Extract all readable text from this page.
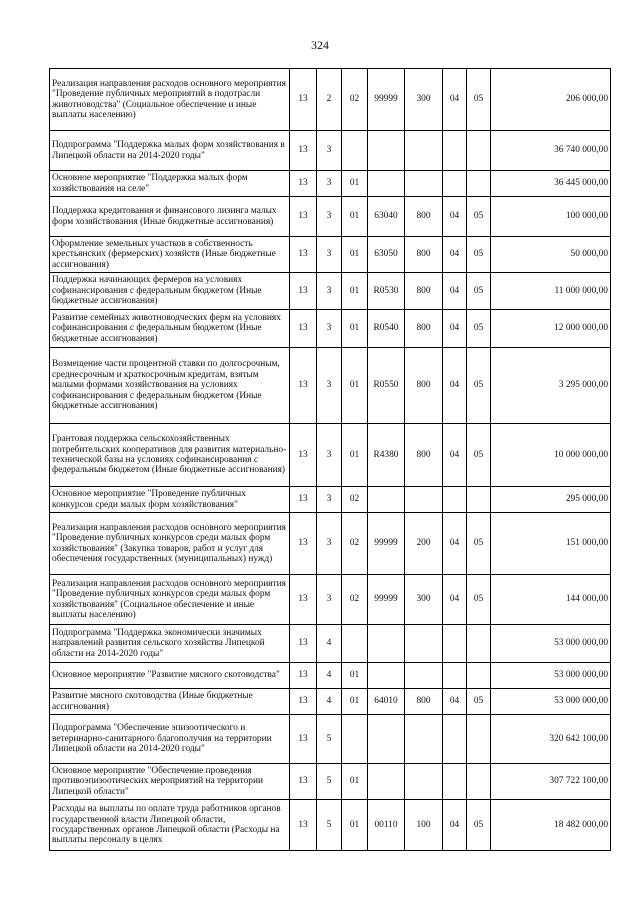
324
Реализация направления расходов основного мероприятия "Проведение публичных мероприятий в подотрасли животноводства" (Социальное обеспечение и иные выплаты населению)	13	2	02	99999	300	04	05	206 000,00
Подпрограмма "Поддержка малых форм хозяйствования в Липецкой области на 2014-2020 годы"	13	3						36 740 000,00
Основное мероприятие "Поддержка малых форм хозяйствования на селе"	13	3	01					36 445 000,00
Поддержка кредитования и финансового лизинга малых форм хозяйствования (Иные бюджетные ассигнования)	13	3	01	63040	800	04	05	100 000,00
Оформление земельных участков в собственность крестьянских (фермерских) хозяйств (Иные бюджетные ассигнования)	13	3	01	63050	800	04	05	50 000,00
Поддержка начинающих фермеров на условиях софинансирования с федеральным бюджетом (Иные бюджетные ассигнования)	13	3	01	R0530	800	04	05	11 000 000,00
Развитие семейных животноводческих ферм на условиях софинансирования с федеральным бюджетом (Иные бюджетные ассигнования)	13	3	01	R0540	800	04	05	12 000 000,00
Возмещение части процентной ставки по долгосрочным, среднесрочным и краткосрочным кредитам, взятым малыми формами хозяйствования на условиях софинансирования с федеральным бюджетом (Иные бюджетные ассигнования)	13	3	01	R0550	800	04	05	3 295 000,00
Грантовая поддержка сельскохозяйственных потребительских кооперативов для развития материально-технической базы на условиях софинансирования с федеральным бюджетом (Иные бюджетные ассигнования)	13	3	01	R4380	800	04	05	10 000 000,00
Основное мероприятие "Проведение публичных конкурсов среди малых форм хозяйствования"	13	3	02					295 000,00
Реализация направления расходов основного мероприятия "Проведение публичных конкурсов среди малых форм хозяйствования" (Закупка товаров, работ и услуг для обеспечения государственных (муниципальных) нужд)	13	3	02	99999	200	04	05	151 000,00
Реализация направления расходов основного мероприятия "Проведение публичных конкурсов среди малых форм хозяйствования" (Социальное обеспечение и иные выплаты населению)	13	3	02	99999	300	04	05	144 000,00
Подпрограмма "Поддержка экономически значимых направлений развития сельского хозяйства Липецкой области на 2014-2020 годы"	13	4						53 000 000,00
Основное мероприятие "Развитие мясного скотоводства"	13	4	01					53 000 000,00
Развитие мясного скотоводства (Иные бюджетные ассигнования)	13	4	01	64010	800	04	05	53 000 000,00
Подпрограмма "Обеспечение эпизоотического и ветеринарно-санитарного благополучия на территории Липецкой области на 2014-2020 годы"	13	5						320 642 100,00
Основное мероприятие "Обеспечение проведения противоэпизоотических мероприятий на территории Липецкой области"	13	5	01					307 722 100,00
Расходы на выплаты по оплате труда работников органов государственной власти Липецкой области, государственных органов Липецкой области (Расходы на выплаты персоналу в целях	13	5	01	00110	100	04	05	18 482 000,00
